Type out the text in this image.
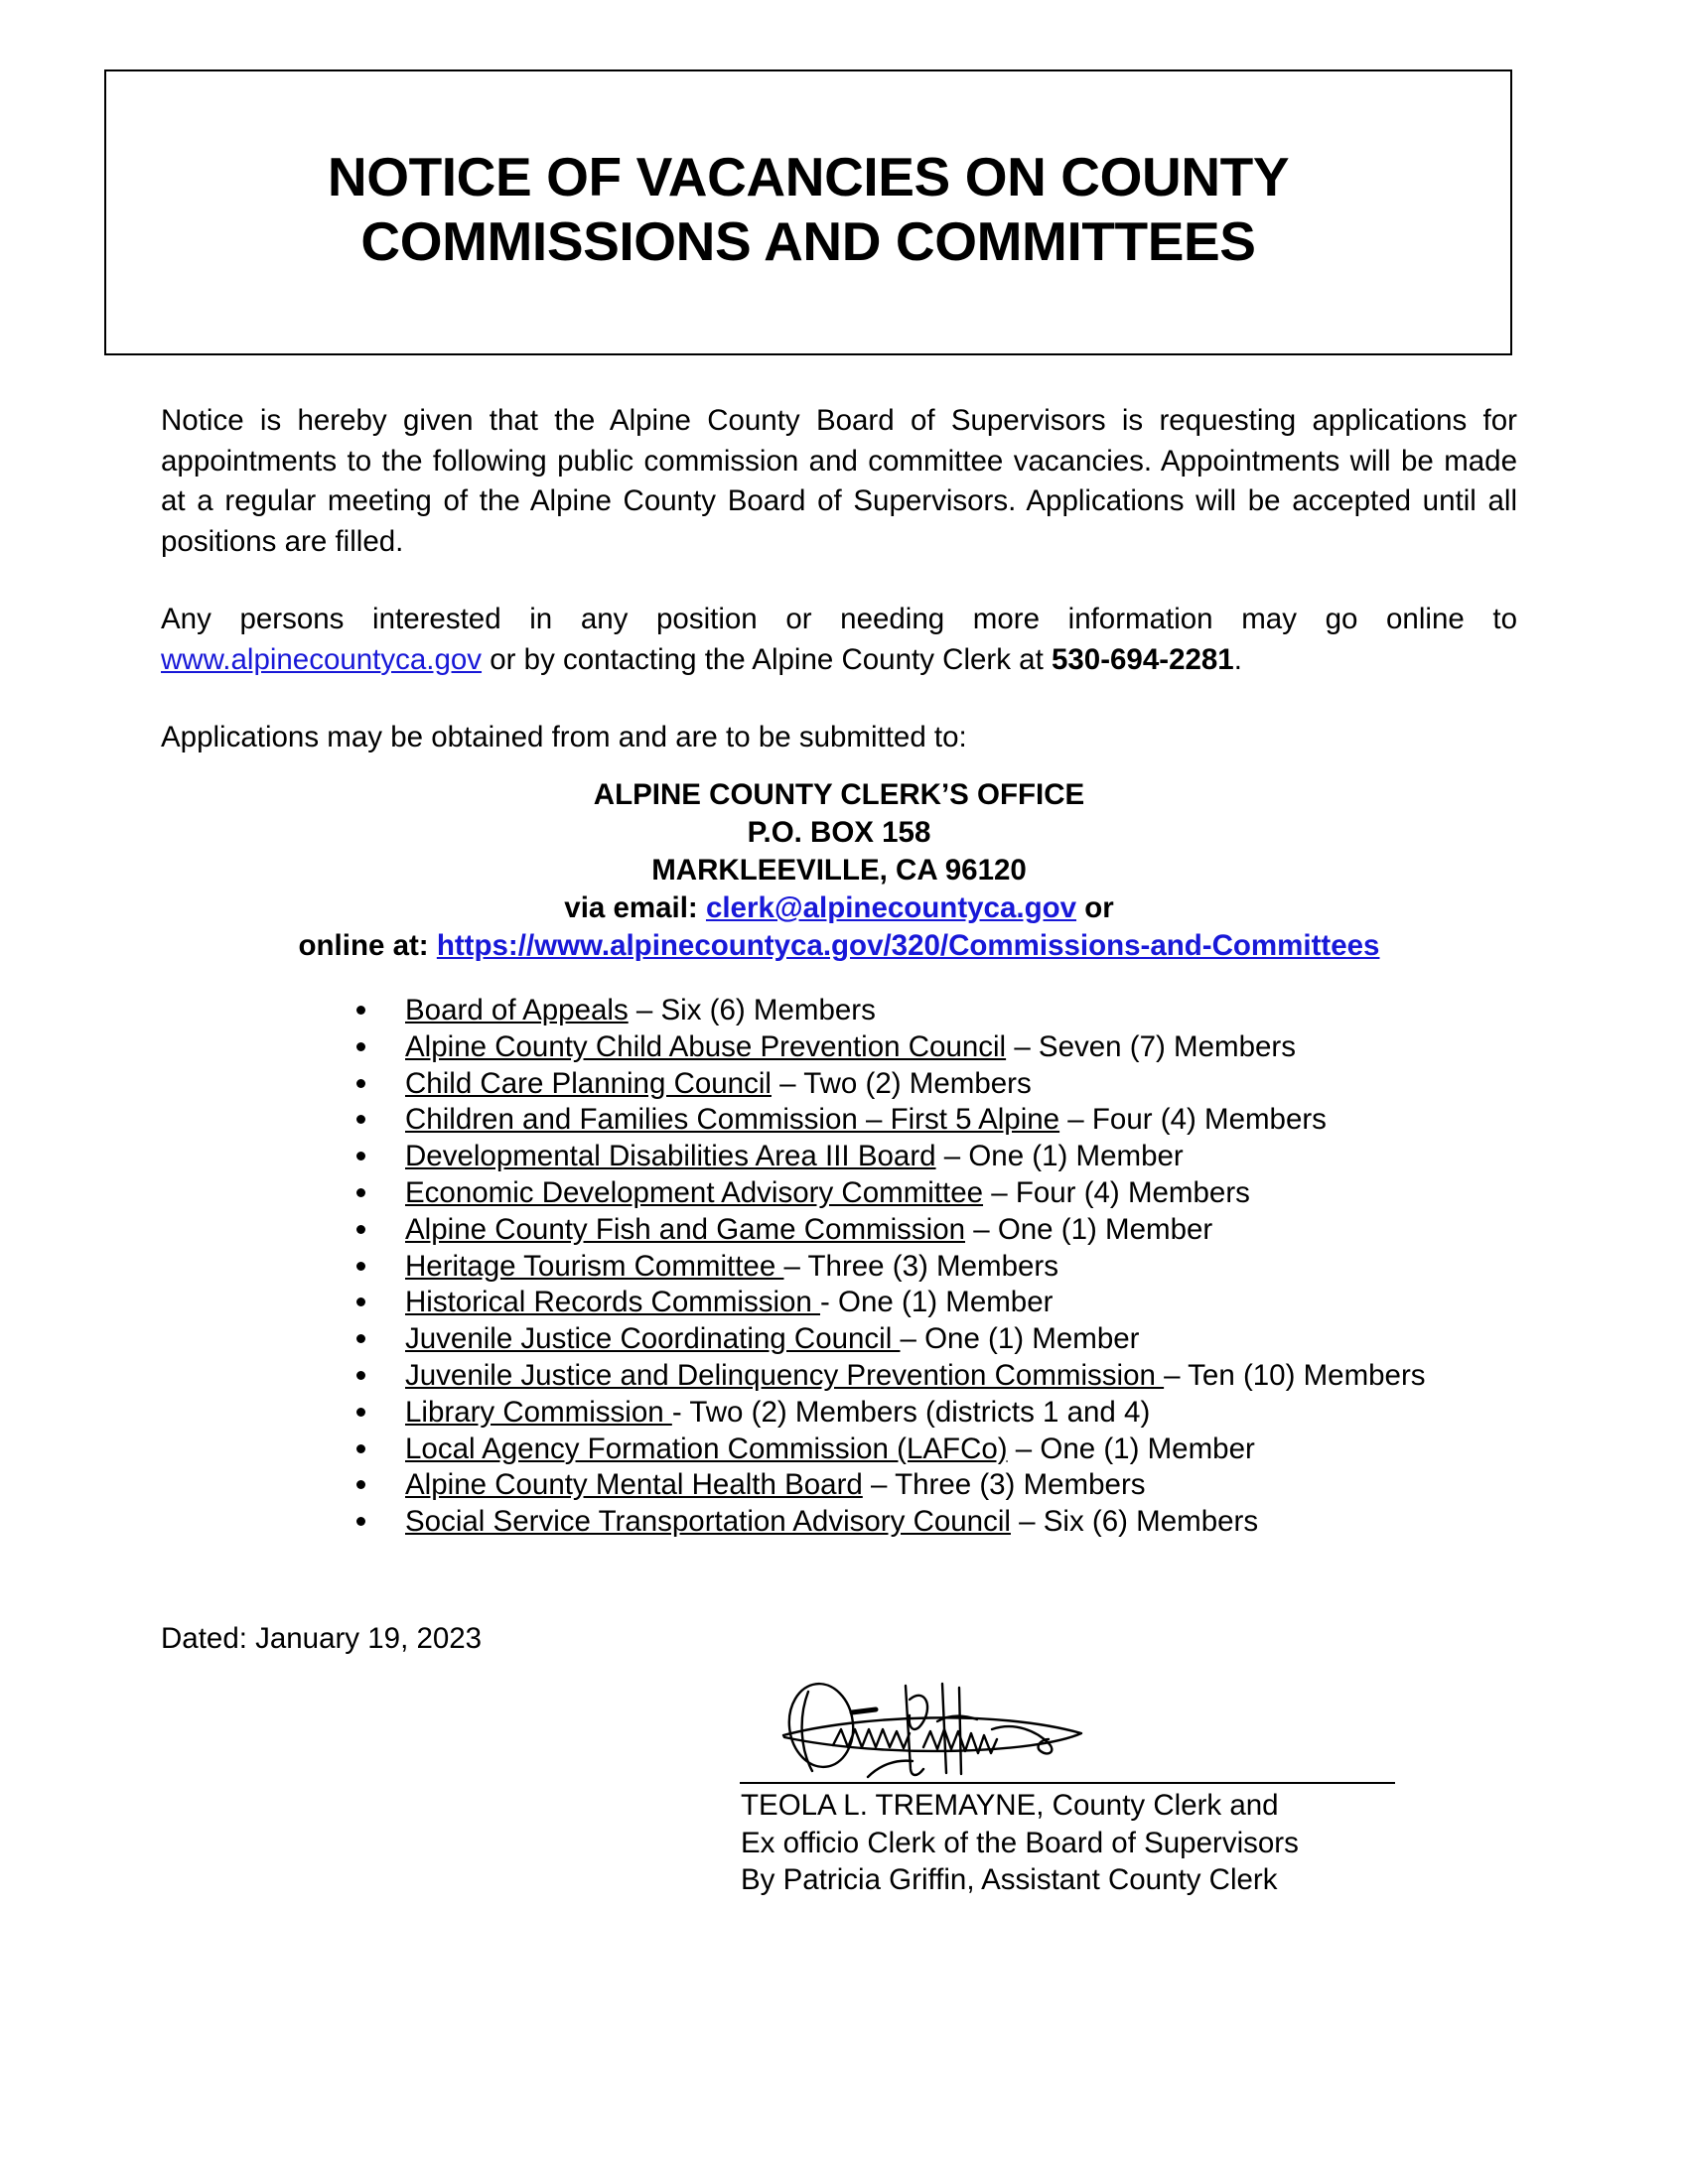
NOTICE OF VACANCIES ON COUNTY
COMMISSIONS AND COMMITTEES

Notice is hereby given that the Alpine County Board of Supervisors is requesting applications for appointments to the following public commission and committee vacancies. Appointments will be made at a regular meeting of the Alpine County Board of Supervisors. Applications will be accepted until all positions are filled.

Any persons interested in any position or needing more information may go online to www.alpinecountyca.gov or by contacting the Alpine County Clerk at 530-694-2281.

Applications may be obtained from and are to be submitted to:

ALPINE COUNTY CLERK’S OFFICE
P.O. BOX 158
MARKLEEVILLE, CA 96120
via email: clerk@alpinecountyca.gov or
online at: https://www.alpinecountyca.gov/320/Commissions-and-Committees
Board of Appeals – Six (6) Members
Alpine County Child Abuse Prevention Council – Seven (7) Members
Child Care Planning Council – Two (2) Members
Children and Families Commission – First 5 Alpine – Four (4) Members
Developmental Disabilities Area III Board – One (1) Member
Economic Development Advisory Committee – Four (4) Members
Alpine County Fish and Game Commission – One (1) Member
Heritage Tourism Committee – Three (3) Members
Historical Records Commission - One (1) Member
Juvenile Justice Coordinating Council – One (1) Member
Juvenile Justice and Delinquency Prevention Commission – Ten (10) Members
Library Commission - Two (2) Members (districts 1 and 4)
Local Agency Formation Commission (LAFCo) – One (1) Member
Alpine County Mental Health Board – Three (3) Members
Social Service Transportation Advisory Council – Six (6) Members
Dated: January 19, 2023
TEOLA L. TREMAYNE, County Clerk and
Ex officio Clerk of the Board of Supervisors
By Patricia Griffin, Assistant County Clerk
